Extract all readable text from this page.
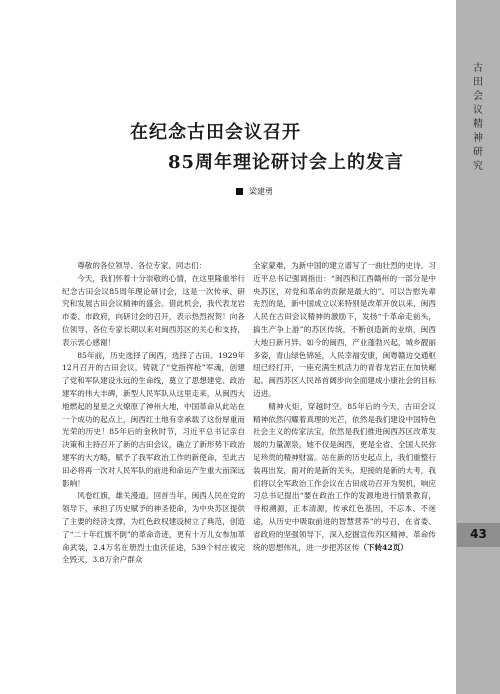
古
田
会
议
精
神
研
究
43
在纪念古田会议召开
85周年理论研讨会上的发言
梁建勇

尊敬的各位领导、各位专家、同志们：

今天，我们怀着十分崇敬的心情，在这里隆重举行纪念古田会议85周年理论研讨会，这是一次传承、研究和发展古田会议精神的盛会。借此机会，我代表龙岩市委、市政府，向研讨会的召开，表示热烈祝贺！向各位领导、各位专家长期以来对闽西苏区的关心和支持，表示衷心感谢！

85年前，历史选择了闽西，选择了古田。1929年12月召开的古田会议，铸就了“党指挥枪”军魂，创建了党和军队建设永远的生命线，奠立了思想建党、政治建军的伟大丰碑，新型人民军队从这里走来，从闽西大地燃起的星星之火燎原了神州大地，中国革命从此站在一个成功的起点上，闽西红土地有幸承载了这份厚重而光荣的历史！85年后的金秋时节，习近平总书记亲自决策和主持召开了新的古田会议，确立了新形势下政治建军的大方略，赋予了我军政治工作的新使命，至此古田必将再一次对人民军队的前进和命运产生重大而深远影响！

风卷红旗，雄关漫道。回首当年，闽西人民在党的领导下，承担了历史赋予的神圣使命，为中央苏区提供了主要的经济支撑，为红色政权建设树立了典范，创造了“二十年红旗不倒”的革命奇迹，更有十万儿女参加革命武装，2.4万名在册烈士血沃征途，539个村庄被完全毁灭，3.8万余户群众

全家蒙难，为新中国的建立谱写了一曲壮烈的史诗。习近平总书记强调指出：“闽西和江西赣州的一部分是中央苏区，对党和革命的贡献是最大的”。可以告慰先辈先烈的是，新中国成立以来特别是改革开放以来，闽西人民在古田会议精神的激励下，发扬“千革命走前头，搞生产争上游”的苏区传统，不断创造新的业绩，闽西大地日新月异。如今的闽西，产业蓬勃兴起，城乡靓丽多姿，青山绿色锦延，人民幸福安康，闽粤赣边交通枢纽已经打开，一座充满生机活力的青春龙岩正在加快崛起。闽西苏区人民昂首阔步向全面建成小康社会的目标迈进。

精神火炬，穿越时空。85年后的今天，古田会议精神依然闪耀着真理的光芒，依然是我们建设中国特色社会主义的传家法宝，依然是我们推进闽西苏区改革发展的力量源泉，她不仅是闽西，更是全省、全国人民弥足珍贵的精神财富。站在新的历史起点上，我们重整行装再出发，面对的是新的关头，迎接的是新的大考，我们将以全军政治工作会议在古田成功召开为契机，响应习总书记提出“要在政治工作的发源地进行情景教育，寻根溯源，正本清源，传承红色基因，不忘本、不迷途，从历史中吸取前进的智慧营养”的号召，在省委、省政府的坚强领导下，深入挖掘宣传苏区精神、革命传统的思想伟礼，进一步把苏区传（下转42页）
